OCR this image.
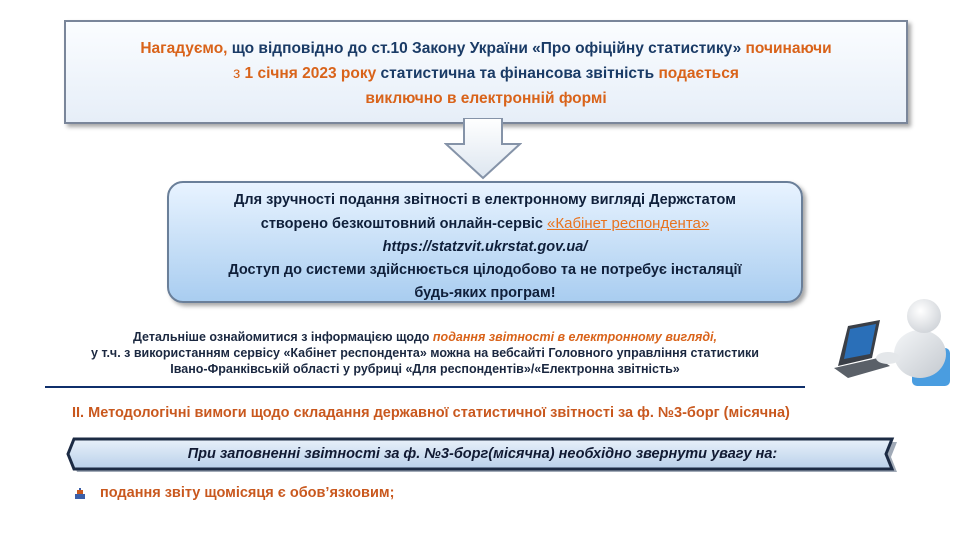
Нагадуємо, що відповідно до ст.10 Закону України «Про офіційну статистику» починаючи
з 1 січня 2023 року статистична та фінансова звітність подається
виключно в електронній формі
Для зручності подання звітності в електронному вигляді Держстатом
створено безкоштовний онлайн-сервіс «Кабінет респондента»
https://statzvit.ukrstat.gov.ua/
Доступ до системи здійснюється цілодобово та не потребує інсталяції
будь-яких програм!
Детальніше ознайомитися з інформацією щодо подання звітності в електронному вигляді,
у т.ч. з використанням сервісу «Кабінет респондента» можна на вебсайті Головного управління статистики
Івано-Франківській області у рубриці «Для респондентів»/«Електронна звітність»
ІІ. Методологічні вимоги щодо складання державної статистичної звітності за ф. №3-борг (місячна)
При заповненні звітності за ф. №3-борг(місячна) необхідно звернути увагу на:
подання звіту щомісяця є обов’язковим;
